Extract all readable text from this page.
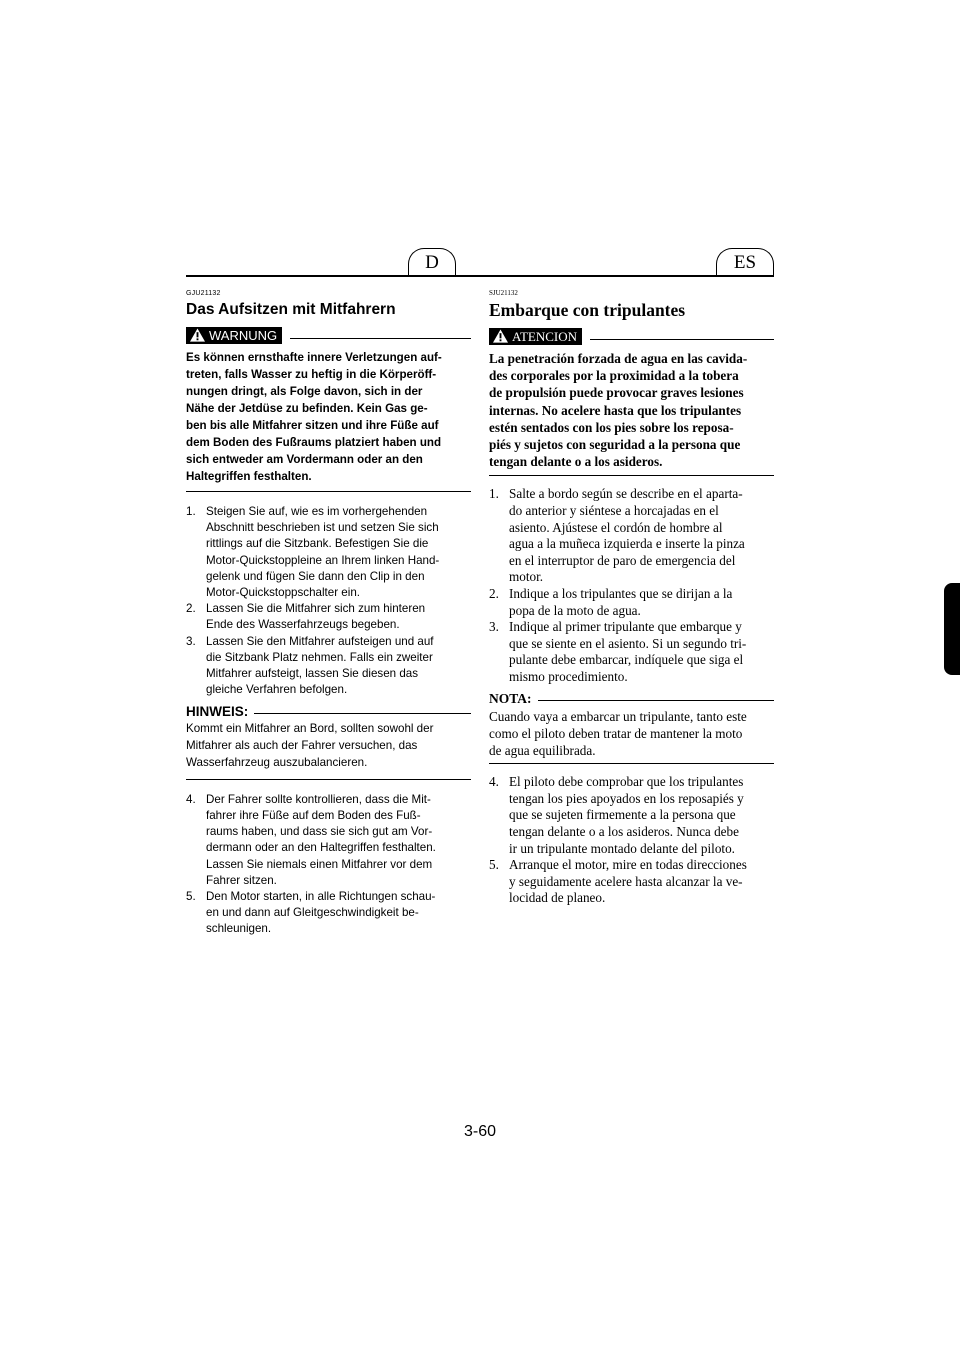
D	ES
GJU21132
Das Aufsitzen mit Mitfahrern
WARNUNG
Es können ernsthafte innere Verletzungen auf-
treten, falls Wasser zu heftig in die Körperöff-
nungen dringt, als Folge davon, sich in der
Nähe der Jetdüse zu befinden. Kein Gas ge-
ben bis alle Mitfahrer sitzen und ihre Füße auf
dem Boden des Fußraums platziert haben und
sich entweder am Vordermann oder an den
Haltegriffen festhalten.
1. Steigen Sie auf, wie es im vorhergehenden
Abschnitt beschrieben ist und setzen Sie sich
rittlings auf die Sitzbank. Befestigen Sie die
Motor-Quickstoppleine an Ihrem linken Hand-
gelenk und fügen Sie dann den Clip in den
Motor-Quickstoppschalter ein.
2. Lassen Sie die Mitfahrer sich zum hinteren
Ende des Wasserfahrzeugs begeben.
3. Lassen Sie den Mitfahrer aufsteigen und auf
die Sitzbank Platz nehmen. Falls ein zweiter
Mitfahrer aufsteigt, lassen Sie diesen das
gleiche Verfahren befolgen.
HINWEIS:
Kommt ein Mitfahrer an Bord, sollten sowohl der
Mitfahrer als auch der Fahrer versuchen, das
Wasserfahrzeug auszubalancieren.
4. Der Fahrer sollte kontrollieren, dass die Mit-
fahrer ihre Füße auf dem Boden des Fuß-
raums haben, und dass sie sich gut am Vor-
dermann oder an den Haltegriffen festhalten.
Lassen Sie niemals einen Mitfahrer vor dem
Fahrer sitzen.
5. Den Motor starten, in alle Richtungen schau-
en und dann auf Gleitgeschwindigkeit be-
schleunigen.
SJU21132
Embarque con tripulantes
ATENCION
La penetración forzada de agua en las cavida-
des corporales por la proximidad a la tobera
de propulsión puede provocar graves lesiones
internas. No acelere hasta que los tripulantes
estén sentados con los pies sobre los reposa-
piés y sujetos con seguridad a la persona que
tengan delante o a los asideros.
1. Salte a bordo según se describe en el aparta-
do anterior y siéntese a horcajadas en el
asiento. Ajústese el cordón de hombre al
agua a la muñeca izquierda e inserte la pinza
en el interruptor de paro de emergencia del
motor.
2. Indique a los tripulantes que se dirijan a la
popa de la moto de agua.
3. Indique al primer tripulante que embarque y
que se siente en el asiento. Si un segundo tri-
pulante debe embarcar, indíquele que siga el
mismo procedimiento.
NOTA:
Cuando vaya a embarcar un tripulante, tanto este
como el piloto deben tratar de mantener la moto
de agua equilibrada.
4. El piloto debe comprobar que los tripulantes
tengan los pies apoyados en los reposapiés y
que se sujeten firmemente a la persona que
tengan delante o a los asideros. Nunca debe
ir un tripulante montado delante del piloto.
5. Arranque el motor, mire en todas direcciones
y seguidamente acelere hasta alcanzar la ve-
locidad de planeo.
3-60
